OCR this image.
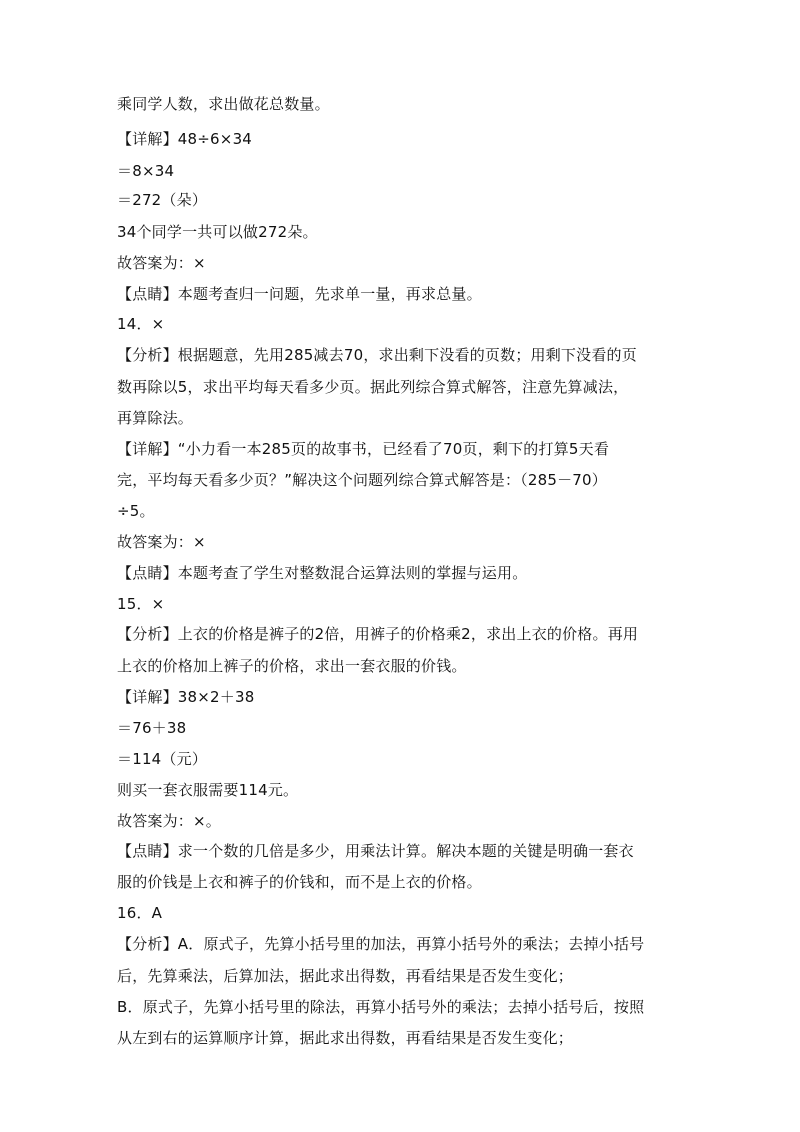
乘同学人数，求出做花总数量。
【详解】48÷6×34
＝8×34
＝272（朵）
34个同学一共可以做272朵。
故答案为：×
【点睛】本题考查归一问题，先求单一量，再求总量。
14．×
【分析】根据题意，先用285减去70，求出剩下没看的页数；用剩下没看的页
数再除以5，求出平均每天看多少页。据此列综合算式解答，注意先算减法，
再算除法。
【详解】“小力看一本285页的故事书，已经看了70页，剩下的打算5天看
完，平均每天看多少页？”解决这个问题列综合算式解答是：（285－70）
÷5。
故答案为：×
【点睛】本题考查了学生对整数混合运算法则的掌握与运用。
15．×
【分析】上衣的价格是裤子的2倍，用裤子的价格乘2，求出上衣的价格。再用
上衣的价格加上裤子的价格，求出一套衣服的价钱。
【详解】38×2＋38
＝76＋38
＝114（元）
则买一套衣服需要114元。
故答案为：×。
【点睛】求一个数的几倍是多少，用乘法计算。解决本题的关键是明确一套衣
服的价钱是上衣和裤子的价钱和，而不是上衣的价格。
16．A
【分析】A．原式子，先算小括号里的加法，再算小括号外的乘法；去掉小括号
后，先算乘法，后算加法，据此求出得数，再看结果是否发生变化；
B．原式子，先算小括号里的除法，再算小括号外的乘法；去掉小括号后，按照
从左到右的运算顺序计算，据此求出得数，再看结果是否发生变化；
